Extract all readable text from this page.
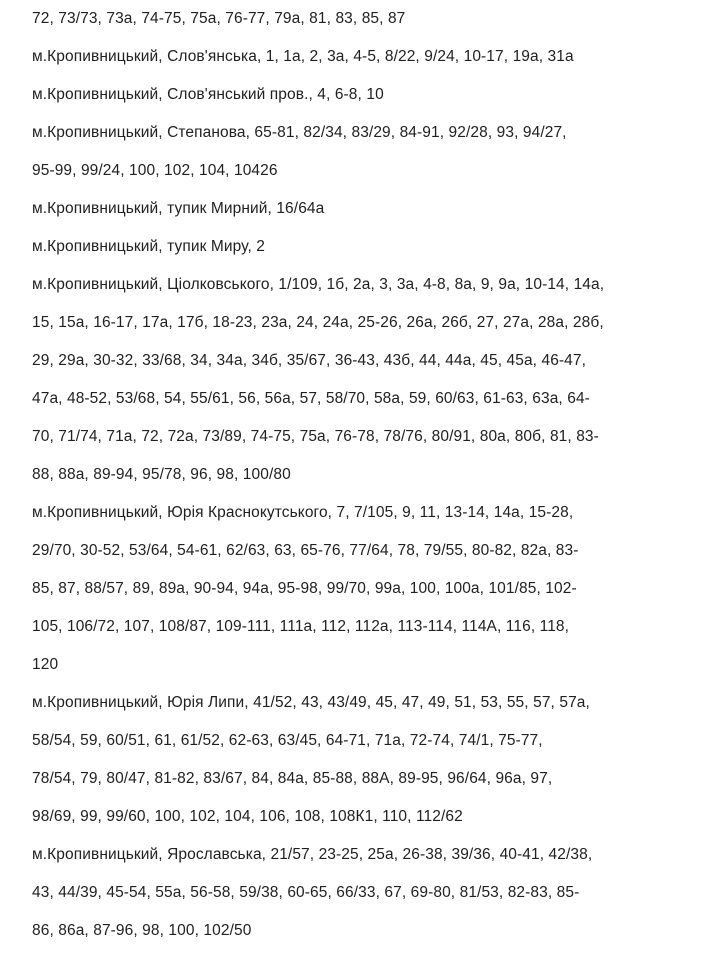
72, 73/73, 73а, 74-75, 75а, 76-77, 79а, 81, 83, 85, 87
м.Кропивницький, Слов'янська, 1, 1а, 2, 3а, 4-5, 8/22, 9/24, 10-17, 19а, 31а
м.Кропивницький, Слов'янський пров., 4, 6-8, 10
м.Кропивницький, Степанова, 65-81, 82/34, 83/29, 84-91, 92/28, 93, 94/27,
95-99, 99/24, 100, 102, 104, 10426
м.Кропивницький, тупик Мирний, 16/64а
м.Кропивницький, тупик Миру, 2
м.Кропивницький, Ціолковського, 1/109, 1б, 2а, 3, 3а, 4-8, 8а, 9, 9а, 10-14, 14а,
15, 15а, 16-17, 17а, 17б, 18-23, 23а, 24, 24а, 25-26, 26а, 26б, 27, 27а, 28а, 28б,
29, 29а, 30-32, 33/68, 34, 34а, 34б, 35/67, 36-43, 43б, 44, 44а, 45, 45а, 46-47,
47а, 48-52, 53/68, 54, 55/61, 56, 56а, 57, 58/70, 58а, 59, 60/63, 61-63, 63а, 64-
70, 71/74, 71а, 72, 72а, 73/89, 74-75, 75а, 76-78, 78/76, 80/91, 80а, 80б, 81, 83-
88, 88а, 89-94, 95/78, 96, 98, 100/80
м.Кропивницький, Юрія Краснокутського, 7, 7/105, 9, 11, 13-14, 14а, 15-28,
29/70, 30-52, 53/64, 54-61, 62/63, 63, 65-76, 77/64, 78, 79/55, 80-82, 82а, 83-
85, 87, 88/57, 89, 89а, 90-94, 94а, 95-98, 99/70, 99а, 100, 100а, 101/85, 102-
105, 106/72, 107, 108/87, 109-111, 111а, 112, 112а, 113-114, 114А, 116, 118,
120
м.Кропивницький, Юрія Липи, 41/52, 43, 43/49, 45, 47, 49, 51, 53, 55, 57, 57а,
58/54, 59, 60/51, 61, 61/52, 62-63, 63/45, 64-71, 71а, 72-74, 74/1, 75-77,
78/54, 79, 80/47, 81-82, 83/67, 84, 84а, 85-88, 88А, 89-95, 96/64, 96а, 97,
98/69, 99, 99/60, 100, 102, 104, 106, 108, 108К1, 110, 112/62
м.Кропивницький, Ярославська, 21/57, 23-25, 25а, 26-38, 39/36, 40-41, 42/38,
43, 44/39, 45-54, 55а, 56-58, 59/38, 60-65, 66/33, 67, 69-80, 81/53, 82-83, 85-
86, 86а, 87-96, 98, 100, 102/50
